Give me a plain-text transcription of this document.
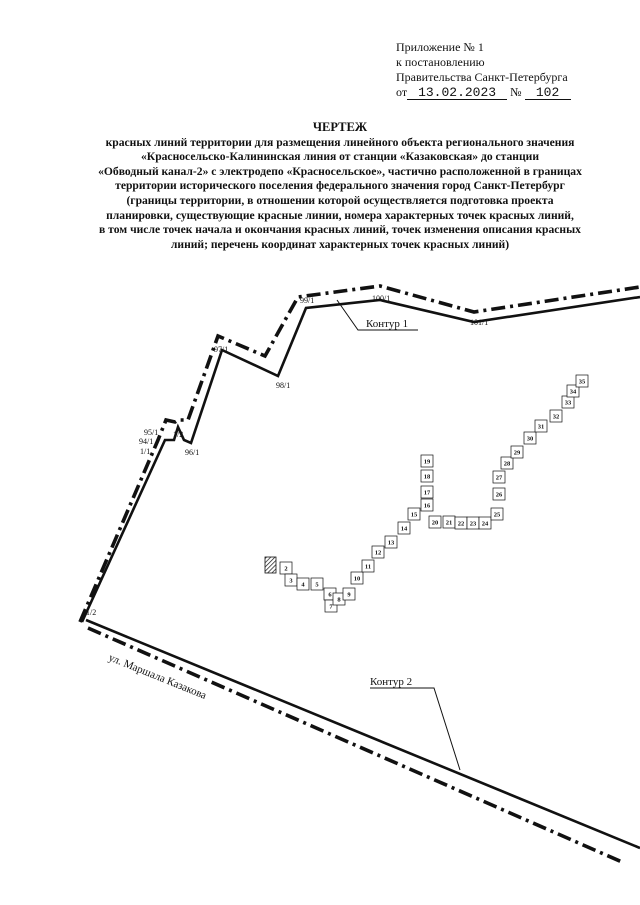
Приложение № 1
к постановлению
Правительства Санкт-Петербурга
от 13.02.2023 № 102
ЧЕРТЕЖ
красных линий территории для размещения линейного объекта регионального значения
«Красносельско-Калининская линия от станции «Казаковская» до станции
«Обводный канал-2» с электродепо «Красносельское», частично расположенной в границах
территории исторического поселения федерального значения город Санкт-Петербург
(границы территории, в отношении которой осуществляется подготовка проекта
планировки, существующие красные линии, номера характерных точек красных линий,
в том числе точек начала и окончания красных линий, точек изменения описания красных
линий; перечень координат характерных точек красных линий)
Контур 1
Контур 2
ул. Маршала Казакова
99/1	100/1
101/1
97/1
98/1
95/1
94/1
1/1
1/2
96/1
1/2
2
3
4 5
6
7
8
9
10
11
12
13
14
15
16
17
18
19
20 21 22 23 24
25
26
27
28
29
30
31
32
33
34
35
